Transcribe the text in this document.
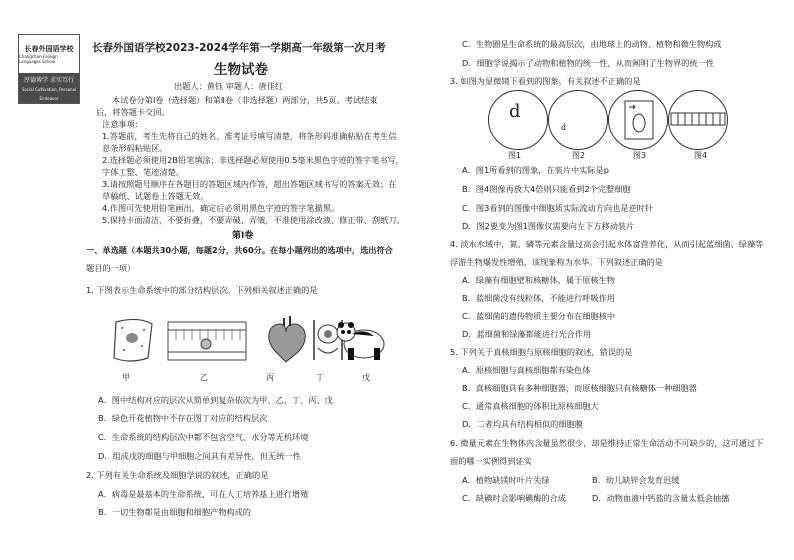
长春外国语学校
Changchun Foreign Languages School
厚德博学 求实笃行
Social Cultivation, Personal Endeavor
长春外国语学校2023-2024学年第一学期高一年级第一次月考
生物试卷
出题人：黄钰 审题人：唐佳红
本试卷分第Ⅰ卷（选择题）和第Ⅱ卷（非选择题）两部分，共5页。考试结束
后，将答题卡交回。
注意事项：
1.答题前，考生先将自己的姓名、准考证号填写清楚，将条形码准确粘贴在考生信
息条形码粘贴区。
2.选择题必须使用2B铅笔填涂；非选择题必须使用0.5毫米黑色字迹的签字笔书写，
字体工整、笔迹清楚。
3.请按照题号顺序在各题目的答题区域内作答，超出答题区域书写的答案无效；在
草稿纸、试题卷上答题无效。
4.作图可先使用铅笔画出，确定后必须用黑色字迹的签字笔描黑。
5.保持卡面清洁，不要折叠，不要弄破、弄皱，不准使用涂改液、修正带、刮纸刀。
第Ⅰ卷
一、单选题（本题共30小题，每题2分，共60分。在每小题列出的选项中，选出符合
题目的一项）
1. 下图表示生命系统中的部分结构层次。下列相关叙述正确的是
甲	乙	丙	丁	戊
A．图中结构对应的层次从简单到复杂依次为甲、乙、丁、丙、戊
B．绿色开花植物中不存在图丁对应的结构层次
C．生命系统的结构层次中都不包含空气、水分等无机环境
D．组成戊的细胞与甲细胞之间具有差异性，但无统一性
2. 下列有关生命系统及细胞学说的叙述，正确的是
A．病毒是最基本的生命系统，可在人工培养基上进行增殖
B．一切生物都是由细胞和细胞产物构成的
C．生物圈是生命系统的最高层次，由地球上的动物、植物和微生物构成
D．细胞学说揭示了动物和植物的统一性，从而阐明了生物界的统一性
3. 如图为显微镜下看到的图象，有关叙述不正确的是
d
d
图1	图2	图3	图4
A．图1所看到的图象，在装片中实际是p
B．图4图像再放大4倍则只能看到2个完整细胞
C．图3看到的图像中细胞质实际流动方向也是逆时针
D．图2要变为图1图像仅需要向左下方移动装片
4. 淡水水域中，氮、磷等元素含量过高会引起水体富营养化，从而引起蓝细菌、绿藻等
浮游生物爆发性增殖，该现象称为水华。下列叙述正确的是
A．绿藻有细胞壁和核糖体，属于原核生物
B．蓝细菌没有线粒体，不能进行呼吸作用
C．蓝细菌的遗传物质主要分布在细胞核中
D．蓝细菌和绿藻都能进行光合作用
5. 下列关于真核细胞与原核细胞的叙述，错误的是
A．原核细胞与真核细胞都有染色体
B．真核细胞具有多种细胞器，而原核细胞只有核糖体一种细胞器
C．通常真核细胞的体积比原核细胞大
D．二者均具有结构相似的细胞膜
6. 微量元素在生物体内含量虽然很少，却是维持正常生命活动不可缺少的，这可通过下
面的哪一实例得到证实
A．植物缺镁时叶片失绿	B．幼儿缺锌会发育迟缓
C．缺碘时会影响碘酶的合成	D．动物血液中钙盐的含量太低会抽搐
